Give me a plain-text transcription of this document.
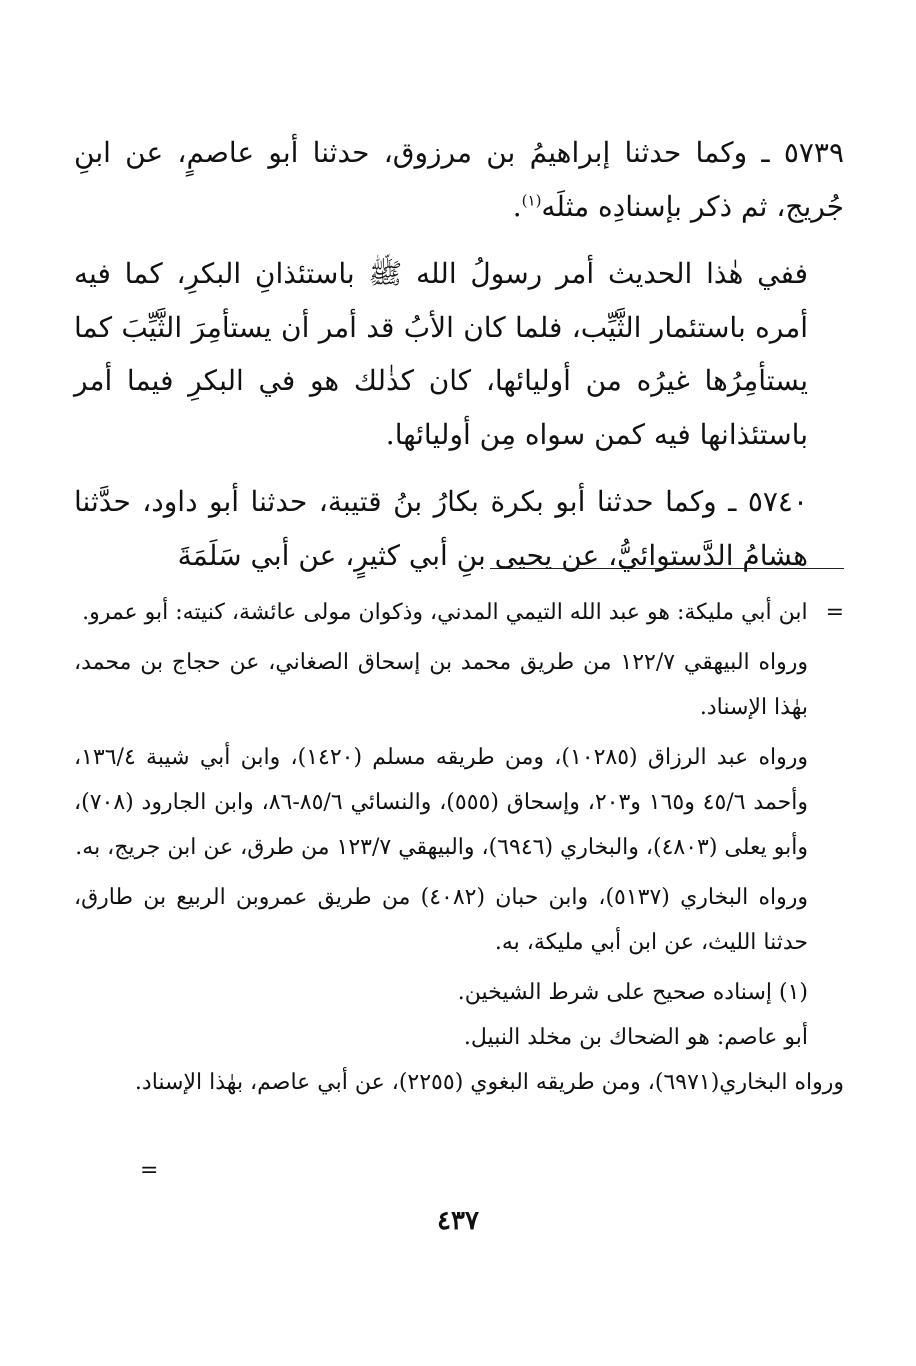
٥٧٣٩ ـ وكما حدثنا إبراهيمُ بن مرزوق، حدثنا أبو عاصمٍ، عن ابنِ جُريج، ثم ذكر بإسنادِه مثلَه$^{(١)}$.

ففي هٰذا الحديث أمر رسولُ الله ﷺ باستئذانِ البكرِ، كما فيه أمره باستئمار الثَّيِّب، فلما كان الأبُ قد أمر أن يستأمِرَ الثَّيِّبَ كما يستأمِرُها غيرُه من أوليائها، كان كذٰلك هو في البكرِ فيما أمر باستئذانها فيه كمن سواه مِن أوليائها.

٥٧٤٠ ـ وكما حدثنا أبو بكرة بكارُ بنُ قتيبة، حدثنا أبو داود، حدَّثنا هشامُ الدَّستوائيُّ، عن يحيى بنِ أبي كثيرٍ، عن أبي سَلَمَةَ

=ابن أبي مليكة: هو عبد الله التيمي المدني، وذكوان مولى عائشة، كنيته: أبو عمرو.

ورواه البيهقي ١٢٢/٧ من طريق محمد بن إسحاق الصغاني، عن حجاج بن محمد، بهٰذا الإسناد.

ورواه عبد الرزاق (١٠٢٨٥)، ومن طريقه مسلم (١٤٢٠)، وابن أبي شيبة ١٣٦/٤، وأحمد ٤٥/٦ و١٦٥ و٢٠٣، وإسحاق (٥٥٥)، والنسائي ٨٥/٦-٨٦، وابن الجارود (٧٠٨)، وأبو يعلى (٤٨٠٣)، والبخاري (٦٩٤٦)، والبيهقي ١٢٣/٧ من طرق، عن ابن جريج، به.

ورواه البخاري (٥١٣٧)، وابن حبان (٤٠٨٢) من طريق عمروبن الربيع بن طارق، حدثنا الليث، عن ابن أبي مليكة، به.

(١) إسناده صحيح على شرط الشيخين.

أبو عاصم: هو الضحاك بن مخلد النبيل.

ورواه البخاري(٦٩٧١)، ومن طريقه البغوي (٢٢٥٥)، عن أبي عاصم، بهٰذا الإسناد.

=
٤٣٧
